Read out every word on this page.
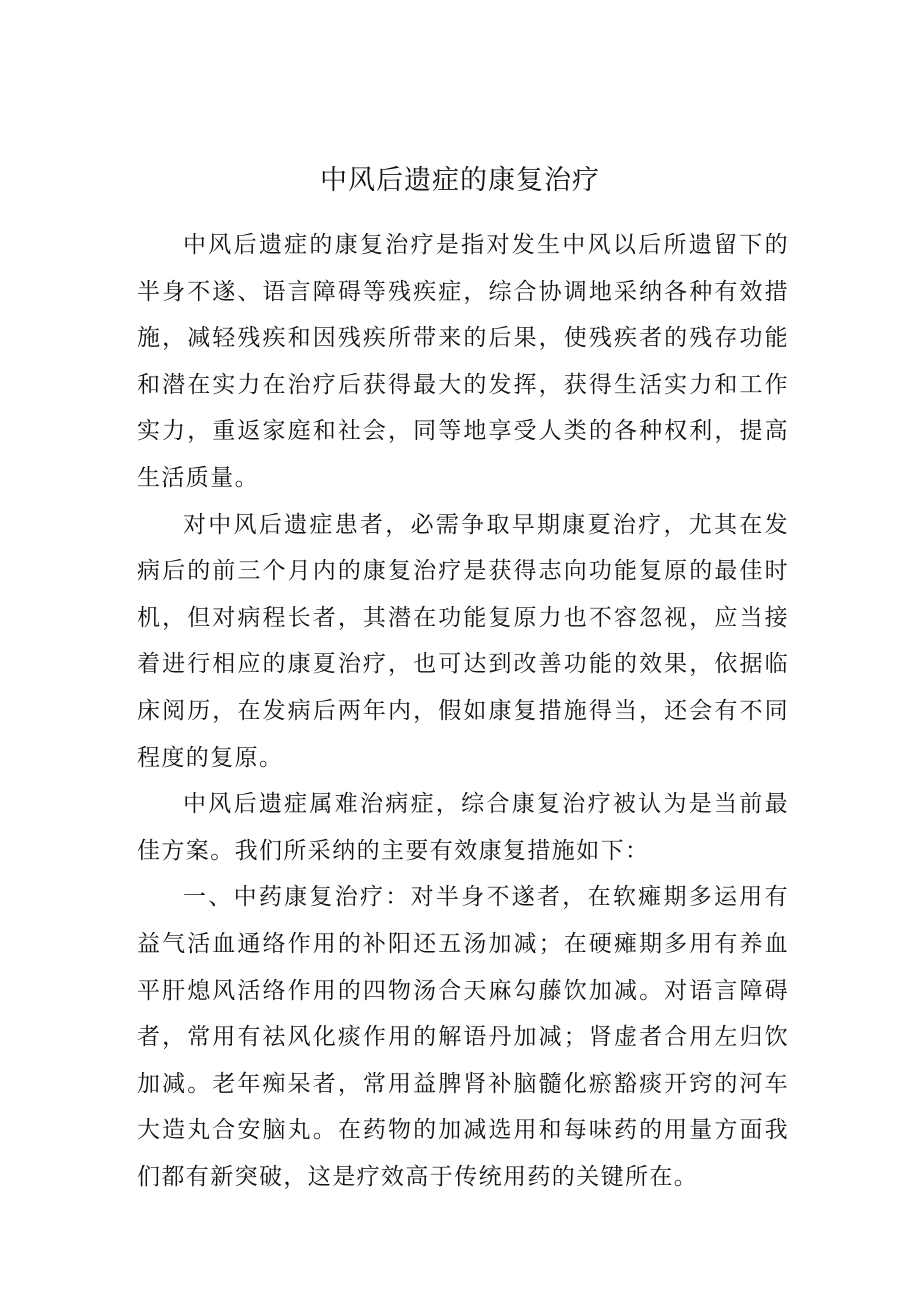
中风后遗症的康复治疗

中风后遗症的康复治疗是指对发生中风以后所遗留下的半身不遂、语言障碍等残疾症，综合协调地采纳各种有效措施，减轻残疾和因残疾所带来的后果，使残疾者的残存功能和潜在实力在治疗后获得最大的发挥，获得生活实力和工作实力，重返家庭和社会，同等地享受人类的各种权利，提高生活质量。

对中风后遗症患者，必需争取早期康夏治疗，尤其在发病后的前三个月内的康复治疗是获得志向功能复原的最佳时机，但对病程长者，其潜在功能复原力也不容忽视，应当接着进行相应的康夏治疗，也可达到改善功能的效果，依据临床阅历，在发病后两年内，假如康复措施得当，还会有不同程度的复原。

中风后遗症属难治病症，综合康复治疗被认为是当前最佳方案。我们所采纳的主要有效康复措施如下：

一、中药康复治疗：对半身不遂者，在软瘫期多运用有益气活血通络作用的补阳还五汤加减；在硬瘫期多用有养血平肝熄风活络作用的四物汤合天麻勾藤饮加减。对语言障碍者，常用有祛风化痰作用的解语丹加减；肾虚者合用左归饮加减。老年痴呆者，常用益脾肾补脑髓化瘀豁痰开窍的河车大造丸合安脑丸。在药物的加减选用和每味药的用量方面我们都有新突破，这是疗效高于传统用药的关键所在。
